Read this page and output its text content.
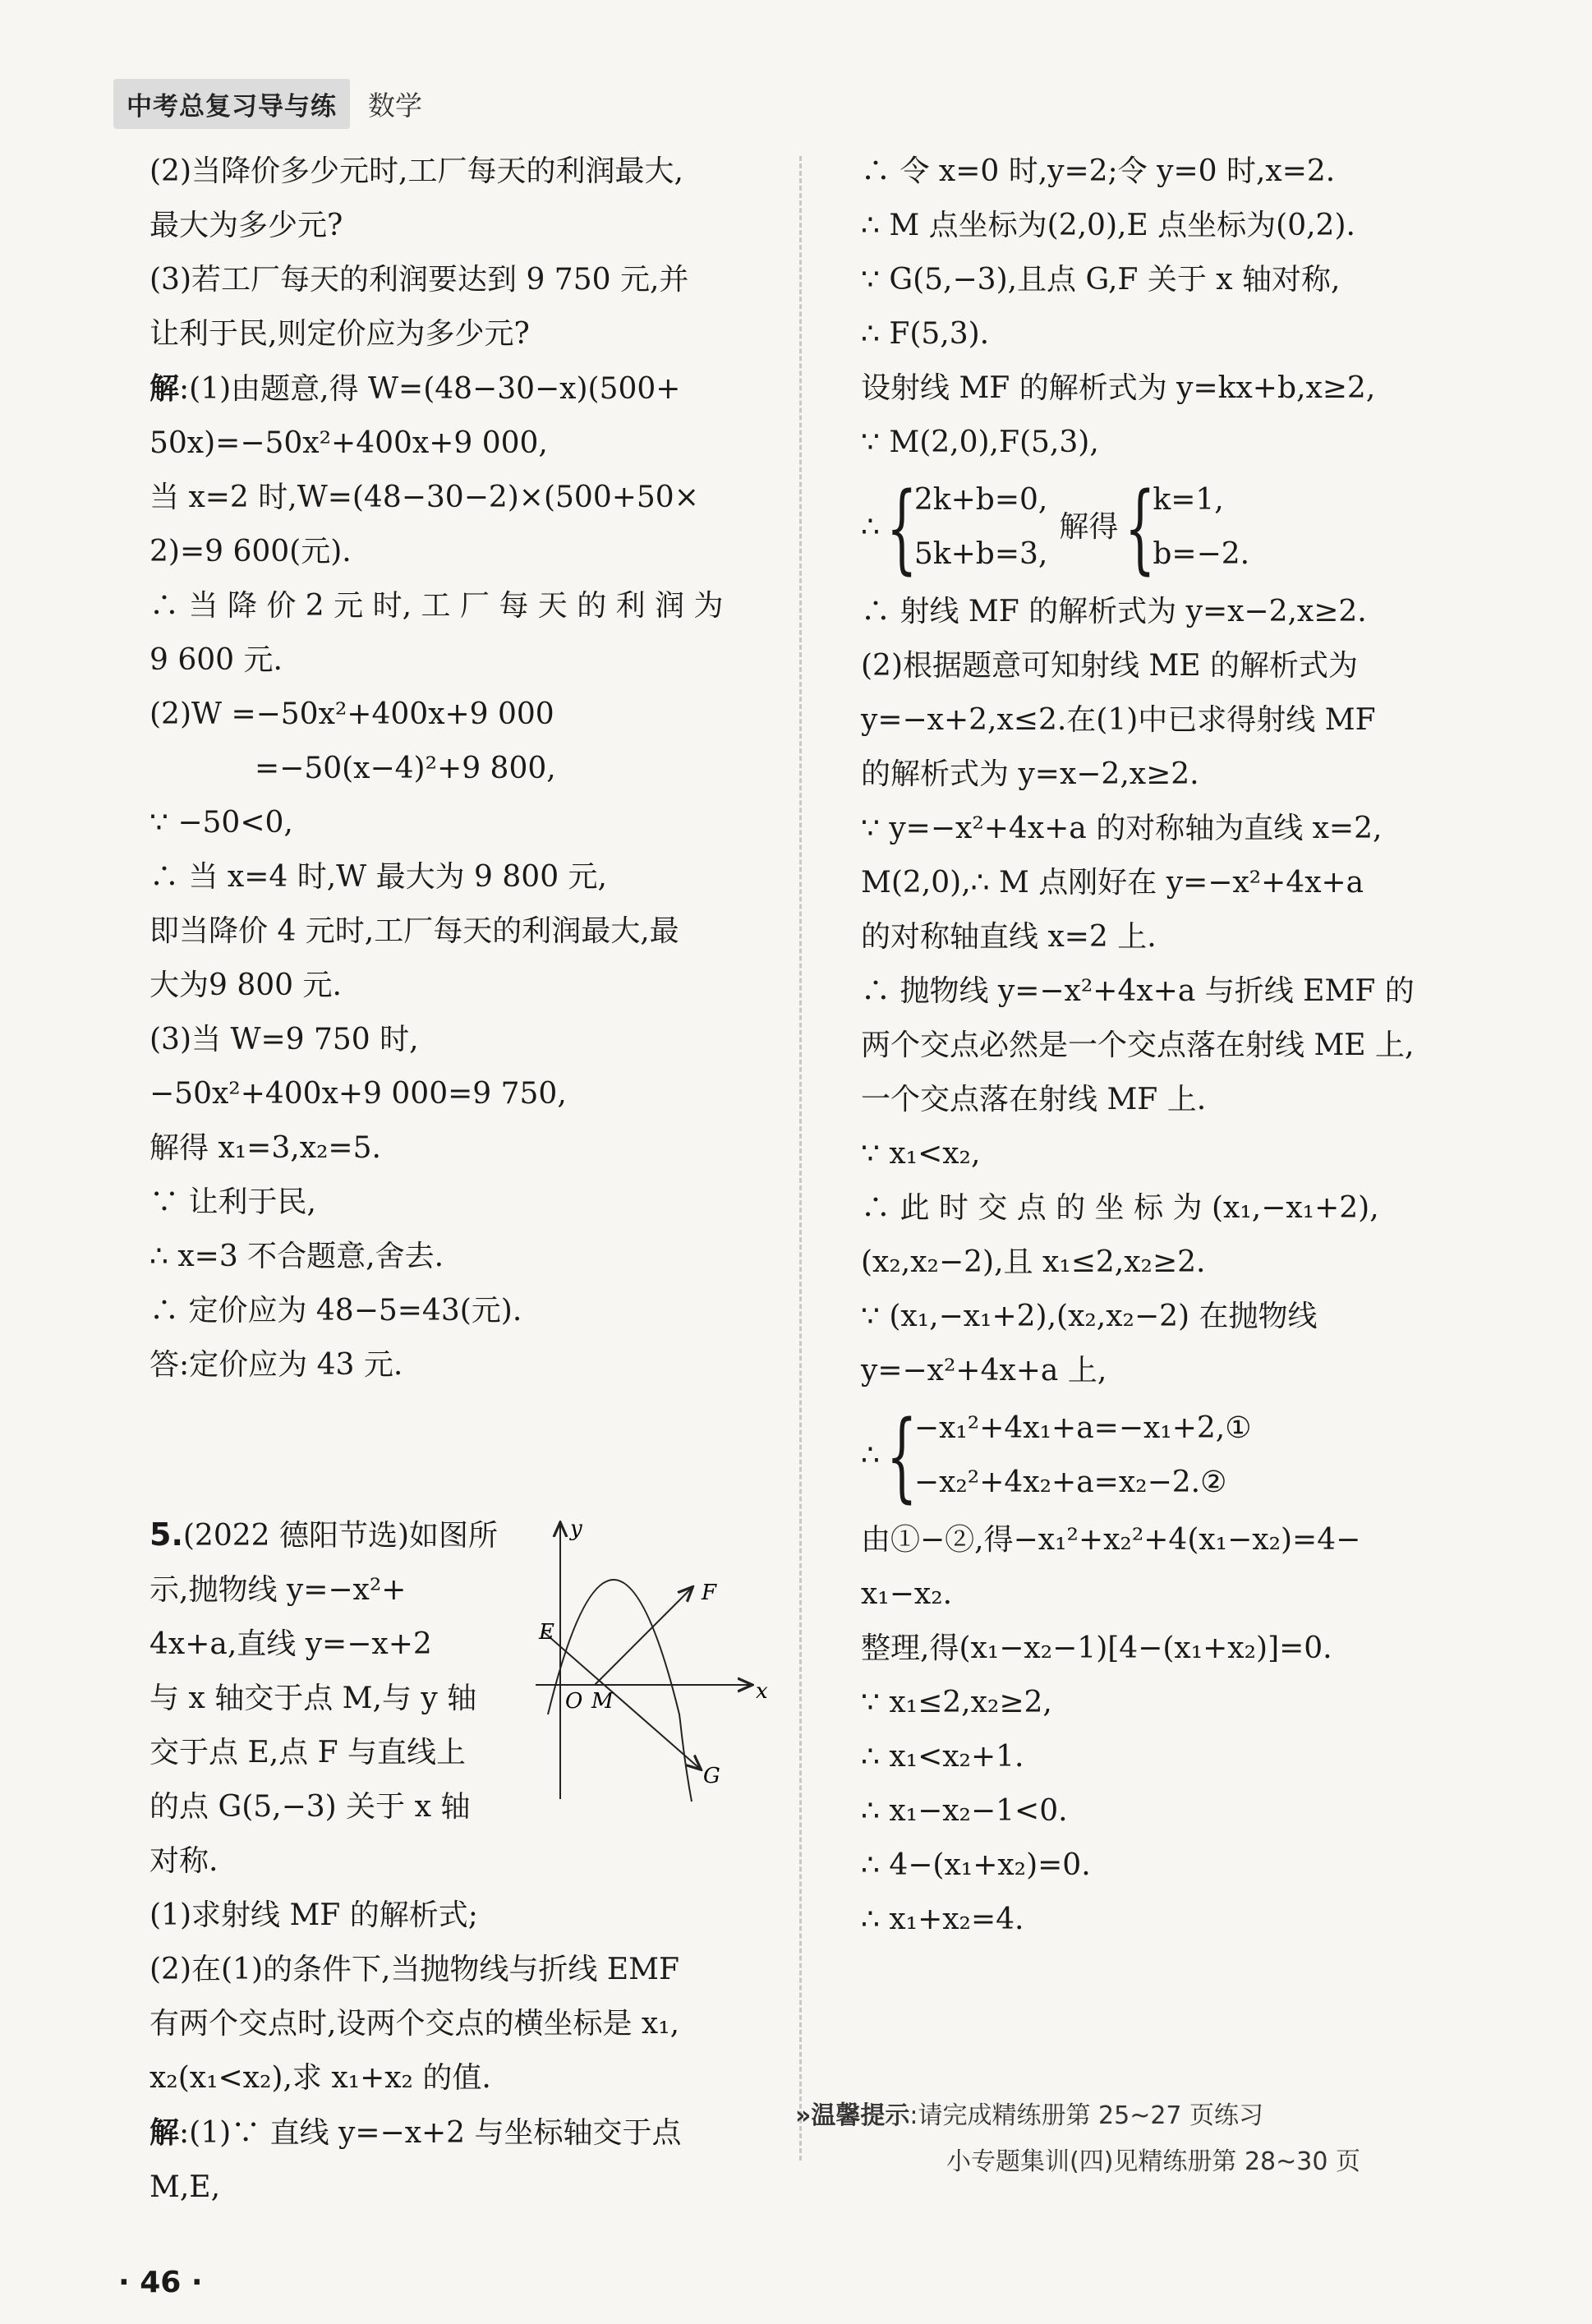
中考总复习导与练	数学
(2)当降价多少元时,工厂每天的利润最大,
最大为多少元?
(3)若工厂每天的利润要达到 9 750 元,并
让利于民,则定价应为多少元?
解:(1)由题意,得 W=(48−30−x)(500+
50x)=−50x²+400x+9 000,
当 x=2 时,W=(48−30−2)×(500+50×
2)=9 600(元).
∴ 当 降 价 2 元 时, 工 厂 每 天 的 利 润 为
9 600 元.
(2)W =−50x²+400x+9 000
=−50(x−4)²+9 800,
∵ −50<0,
∴ 当 x=4 时,W 最大为 9 800 元,
即当降价 4 元时,工厂每天的利润最大,最
大为9 800 元.
(3)当 W=9 750 时,
−50x²+400x+9 000=9 750,
解得 x₁=3,x₂=5.
∵ 让利于民,
∴ x=3 不合题意,舍去.
∴ 定价应为 48−5=43(元).
答:定价应为 43 元.
5.(2022 德阳节选)如图所
示,抛物线 y=−x²+
4x+a,直线 y=−x+2
与 x 轴交于点 M,与 y 轴
交于点 E,点 F 与直线上
的点 G(5,−3) 关于 x 轴
对称.
y
x
O M
E
F
G
(1)求射线 MF 的解析式;
(2)在(1)的条件下,当抛物线与折线 EMF
有两个交点时,设两个交点的横坐标是 x₁,
x₂(x₁<x₂),求 x₁+x₂ 的值.
解:(1)∵ 直线 y=−x+2 与坐标轴交于点
M,E,
∴ 令 x=0 时,y=2;令 y=0 时,x=2.
∴ M 点坐标为(2,0),E 点坐标为(0,2).
∵ G(5,−3),且点 G,F 关于 x 轴对称,
∴ F(5,3).
设射线 MF 的解析式为 y=kx+b,x≥2,
∵ M(2,0),F(5,3),
∴ {
2k+b=0,
5k+b=3,
解得 {
k=1,
b=−2.
∴ 射线 MF 的解析式为 y=x−2,x≥2.
(2)根据题意可知射线 ME 的解析式为
y=−x+2,x≤2.在(1)中已求得射线 MF
的解析式为 y=x−2,x≥2.
∵ y=−x²+4x+a 的对称轴为直线 x=2,
M(2,0),∴ M 点刚好在 y=−x²+4x+a
的对称轴直线 x=2 上.
∴ 抛物线 y=−x²+4x+a 与折线 EMF 的
两个交点必然是一个交点落在射线 ME 上,
一个交点落在射线 MF 上.
∵ x₁<x₂,
∴ 此 时 交 点 的 坐 标 为 (x₁,−x₁+2),
(x₂,x₂−2),且 x₁≤2,x₂≥2.
∵ (x₁,−x₁+2),(x₂,x₂−2) 在抛物线
y=−x²+4x+a 上,
∴ {
−x₁²+4x₁+a=−x₁+2,①
−x₂²+4x₂+a=x₂−2.②
由①−②,得−x₁²+x₂²+4(x₁−x₂)=4−
x₁−x₂.
整理,得(x₁−x₂−1)[4−(x₁+x₂)]=0.
∵ x₁≤2,x₂≥2,
∴ x₁<x₂+1.
∴ x₁−x₂−1<0.
∴ 4−(x₁+x₂)=0.
∴ x₁+x₂=4.
»温馨提示:请完成精练册第 25~27 页练习
小专题集训(四)见精练册第 28~30 页
· 46 ·
